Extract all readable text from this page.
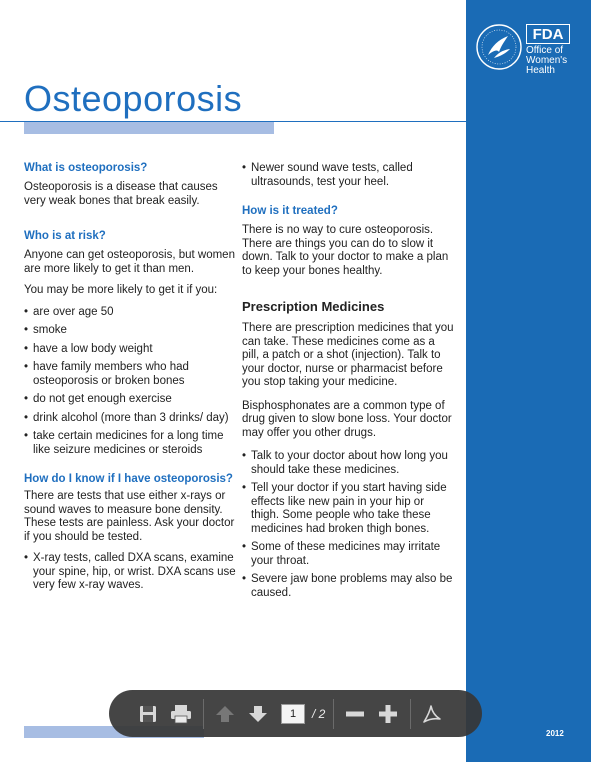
FDA
Office of
Women's
Health
2012
Osteoporosis
What is osteoporosis?

Osteoporosis is a disease that causes very weak bones that break easily.

Who is at risk?

Anyone can get osteoporosis, but women are more likely to get it than men.

You may be more likely to get it if you:

• are over age 50
• smoke
• have a low body weight
• have family members who had osteoporosis or broken bones
• do not get enough exercise
• drink alcohol (more than 3 drinks/ day)
• take certain medicines for a long time like seizure medicines or steroids
How do I know if I have osteoporosis?

There are tests that use either x-rays or sound waves to measure bone density. These tests are painless. Ask your doctor if you should be tested.

• X-ray tests, called DXA scans, examine your spine, hip, or wrist. DXA scans use very few x-ray waves.
• Newer sound wave tests, called ultrasounds, test your heel.
How is it treated?

There is no way to cure osteoporosis. There are things you can do to slow it down. Talk to your doctor to make a plan to keep your bones healthy.

Prescription Medicines

There are prescription medicines that you can take. These medicines come as a pill, a patch or a shot (injection). Talk to your doctor, nurse or pharmacist before you stop taking your medicine.

Bisphosphonates are a common type of drug given to slow bone loss. Your doctor may offer you other drugs.

• Talk to your doctor about how long you should take these medicines.
• Tell your doctor if you start having side effects like new pain in your hip or thigh. Some people who take these medicines had broken thigh bones.
• Some of these medicines may irritate your throat.
• Severe jaw bone problems may also be caused.
1	/ 2
